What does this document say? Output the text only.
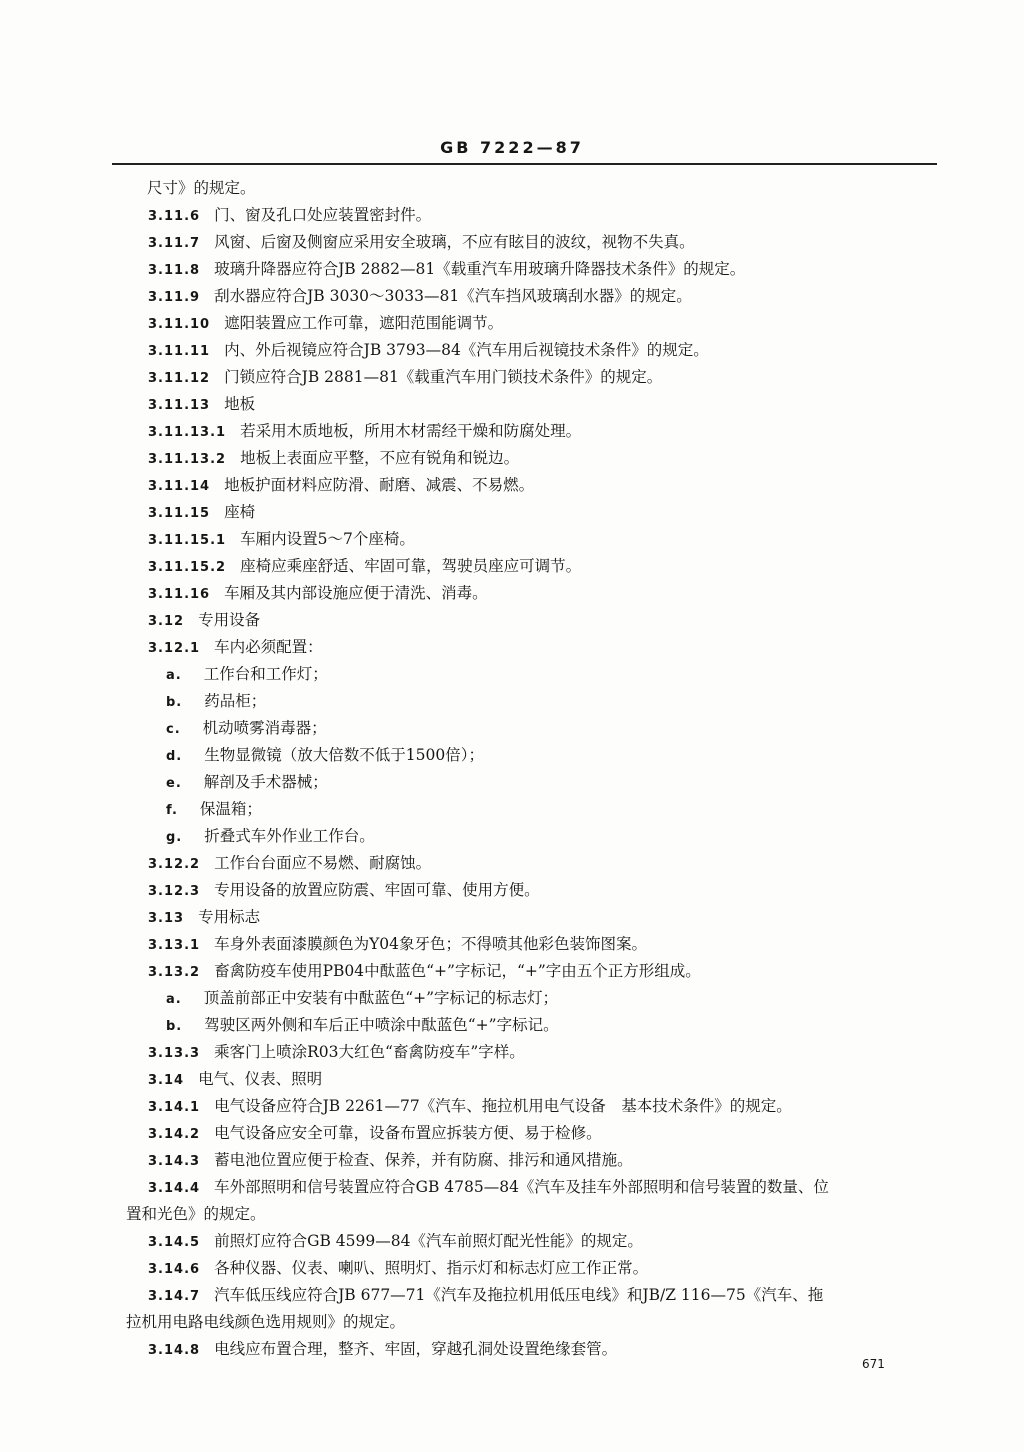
GB 7222—87
尺寸》的规定。
3.11.6 门、窗及孔口处应装置密封件。
3.11.7 风窗、后窗及侧窗应采用安全玻璃，不应有眩目的波纹，视物不失真。
3.11.8 玻璃升降器应符合JB 2882—81《载重汽车用玻璃升降器技术条件》的规定。
3.11.9 刮水器应符合JB 3030～3033—81《汽车挡风玻璃刮水器》的规定。
3.11.10 遮阳装置应工作可靠，遮阳范围能调节。
3.11.11 内、外后视镜应符合JB 3793—84《汽车用后视镜技术条件》的规定。
3.11.12 门锁应符合JB 2881—81《载重汽车用门锁技术条件》的规定。
3.11.13 地板
3.11.13.1 若采用木质地板，所用木材需经干燥和防腐处理。
3.11.13.2 地板上表面应平整，不应有锐角和锐边。
3.11.14 地板护面材料应防滑、耐磨、减震、不易燃。
3.11.15 座椅
3.11.15.1 车厢内设置5～7个座椅。
3.11.15.2 座椅应乘座舒适、牢固可靠，驾驶员座应可调节。
3.11.16 车厢及其内部设施应便于清洗、消毒。
3.12 专用设备
3.12.1 车内必须配置：
a. 工作台和工作灯；
b. 药品柜；
c. 机动喷雾消毒器；
d. 生物显微镜（放大倍数不低于1500倍）；
e. 解剖及手术器械；
f. 保温箱；
g. 折叠式车外作业工作台。
3.12.2 工作台台面应不易燃、耐腐蚀。
3.12.3 专用设备的放置应防震、牢固可靠、使用方便。
3.13 专用标志
3.13.1 车身外表面漆膜颜色为Y04象牙色；不得喷其他彩色装饰图案。
3.13.2 畜禽防疫车使用PB04中酞蓝色“+”字标记，“+”字由五个正方形组成。
a. 顶盖前部正中安装有中酞蓝色“+”字标记的标志灯；
b. 驾驶区两外侧和车后正中喷涂中酞蓝色“+”字标记。
3.13.3 乘客门上喷涂R03大红色“畜禽防疫车”字样。
3.14 电气、仪表、照明
3.14.1 电气设备应符合JB 2261—77《汽车、拖拉机用电气设备　基本技术条件》的规定。
3.14.2 电气设备应安全可靠，设备布置应拆装方便、易于检修。
3.14.3 蓄电池位置应便于检查、保养，并有防腐、排污和通风措施。
3.14.4 车外部照明和信号装置应符合GB 4785—84《汽车及挂车外部照明和信号装置的数量、位
置和光色》的规定。
3.14.5 前照灯应符合GB 4599—84《汽车前照灯配光性能》的规定。
3.14.6 各种仪器、仪表、喇叭、照明灯、指示灯和标志灯应工作正常。
3.14.7 汽车低压线应符合JB 677—71《汽车及拖拉机用低压电线》和JB/Z 116—75《汽车、拖
拉机用电路电线颜色选用规则》的规定。
3.14.8 电线应布置合理，整齐、牢固，穿越孔洞处设置绝缘套管。
671
